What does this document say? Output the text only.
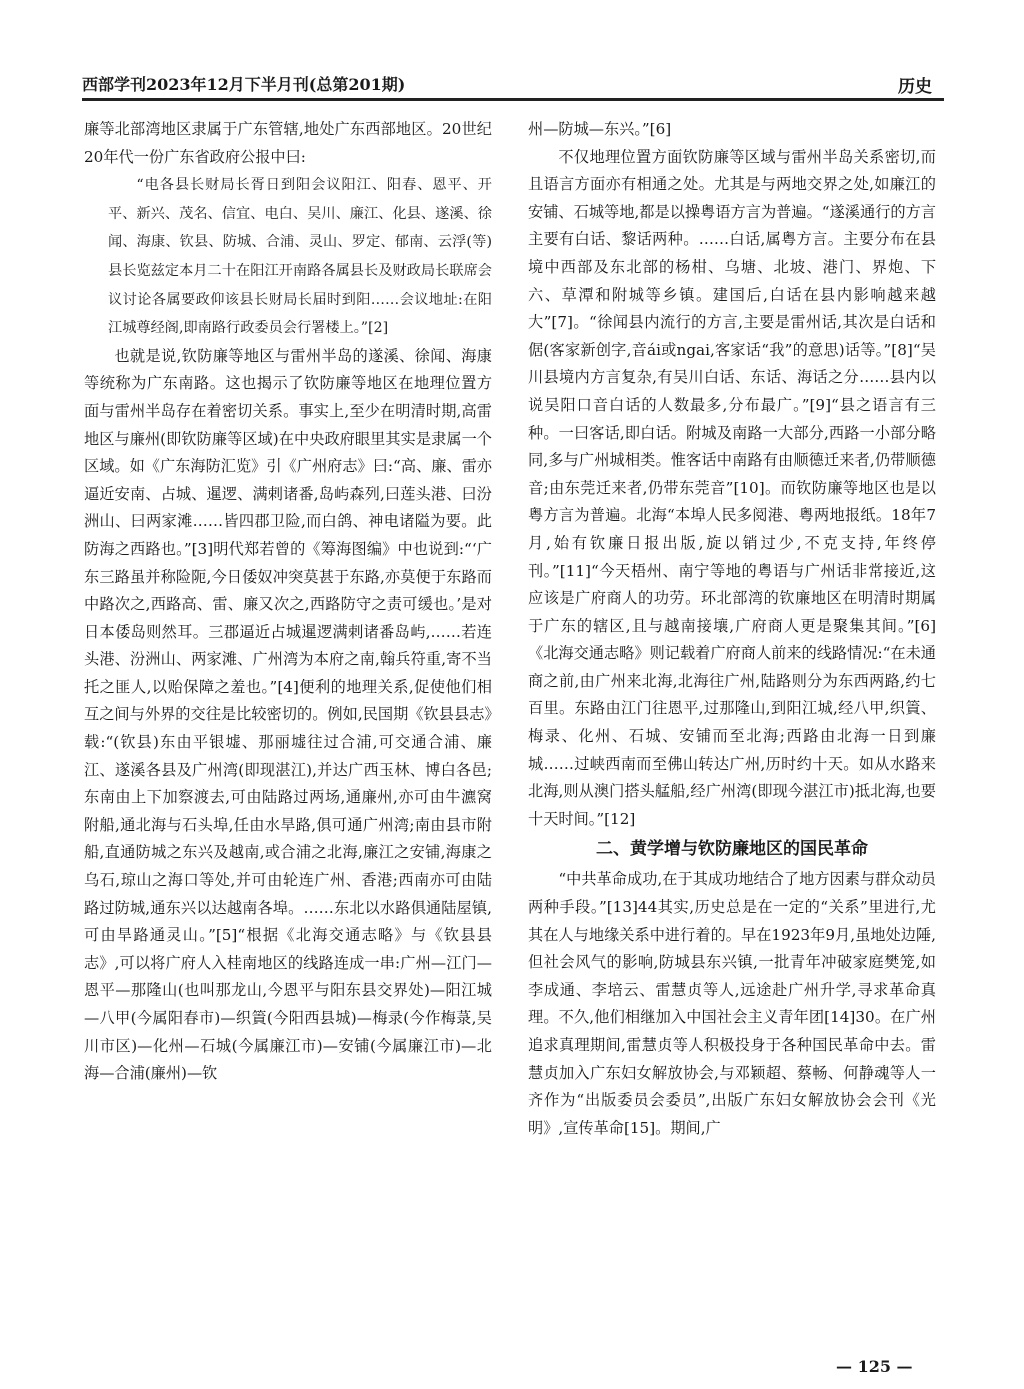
西部学刊2023年12月下半月刊(总第201期)	历史

廉等北部湾地区隶属于广东管辖,地处广东西部地区。20世纪20年代一份广东省政府公报中曰:

“电各县长财局长胥日到阳会议阳江、阳春、恩平、开平、新兴、茂名、信宜、电白、吴川、廉江、化县、遂溪、徐闻、海康、钦县、防城、合浦、灵山、罗定、郁南、云浮(等)县长览兹定本月二十在阳江开南路各属县长及财政局长联席会议讨论各属要政仰该县长财局长届时到阳……会议地址:在阳江城尊经阁,即南路行政委员会行署楼上。”[2]

也就是说,钦防廉等地区与雷州半岛的遂溪、徐闻、海康等统称为广东南路。这也揭示了钦防廉等地区在地理位置方面与雷州半岛存在着密切关系。事实上,至少在明清时期,高雷地区与廉州(即钦防廉等区域)在中央政府眼里其实是隶属一个区域。如《广东海防汇览》引《广州府志》曰:“高、廉、雷亦逼近安南、占城、暹逻、满剌诸番,岛屿森列,曰莲头港、曰汾洲山、曰两家滩……皆四郡卫险,而白鸽、神电诸隘为要。此防海之西路也。”[3]明代郑若曾的《筹海图编》中也说到:“‘广东三路虽并称险阨,今日倭奴冲突莫甚于东路,亦莫便于东路而中路次之,西路高、雷、廉又次之,西路防守之责可缓也。’是对日本倭岛则然耳。三郡逼近占城暹逻满剌诸番岛屿,……若连头港、汾洲山、两家滩、广州湾为本府之南,翰兵符重,寄不当托之匪人,以贻保障之羞也。”[4]便利的地理关系,促使他们相互之间与外界的交往是比较密切的。例如,民国期《钦县县志》载:“(钦县)东由平银墟、那丽墟往过合浦,可交通合浦、廉江、遂溪各县及广州湾(即现湛江),并达广西玉林、博白各邑;东南由上下加察渡去,可由陆路过两场,通廉州,亦可由牛瀌窝附船,通北海与石头埠,任由水旱路,俱可通广州湾;南由县市附船,直通防城之东兴及越南,或合浦之北海,廉江之安铺,海康之乌石,琼山之海口等处,并可由轮连广州、香港;西南亦可由陆路过防城,通东兴以达越南各埠。……东北以水路俱通陆屋镇,可由旱路通灵山。”[5]“根据《北海交通志略》与《钦县县志》,可以将广府人入桂南地区的线路连成一串:广州—江门—恩平—那隆山(也叫那龙山,今恩平与阳东县交界处)—阳江城—八甲(今属阳春市)—织篢(今阳西县城)—梅录(今作梅菉,吴川市区)—化州—石城(今属廉江市)—安铺(今属廉江市)—北海—合浦(廉州)—钦

州—防城—东兴。”[6]

不仅地理位置方面钦防廉等区域与雷州半岛关系密切,而且语言方面亦有相通之处。尤其是与两地交界之处,如廉江的安铺、石城等地,都是以操粤语方言为普遍。“遂溪通行的方言主要有白话、黎话两种。……白话,属粤方言。主要分布在县境中西部及东北部的杨柑、乌塘、北坡、港门、界炮、下六、草潭和附城等乡镇。建国后,白话在县内影响越来越大”[7]。“徐闻县内流行的方言,主要是雷州话,其次是白话和倨(客家新创字,音ái或ngai,客家话“我”的意思)话等。”[8]“吴川县境内方言复杂,有吴川白话、东话、海话之分……县内以说吴阳口音白话的人数最多,分布最广。”[9]“县之语言有三种。一曰客话,即白话。附城及南路一大部分,西路一小部分略同,多与广州城相类。惟客话中南路有由顺德迁来者,仍带顺德音;由东莞迁来者,仍带东莞音”[10]。而钦防廉等地区也是以粤方言为普遍。北海“本埠人民多阅港、粤两地报纸。18年7月,始有钦廉日报出版,旋以销过少,不克支持,年终停刊。”[11]“今天梧州、南宁等地的粤语与广州话非常接近,这应该是广府商人的功劳。环北部湾的钦廉地区在明清时期属于广东的辖区,且与越南接壤,广府商人更是聚集其间。”[6]《北海交通志略》则记载着广府商人前来的线路情况:“在未通商之前,由广州来北海,北海往广州,陆路则分为东西两路,约七百里。东路由江门往恩平,过那隆山,到阳江城,经八甲,织篢、梅录、化州、石城、安铺而至北海;西路由北海一日到廉城……过峡西南而至佛山转达广州,历时约十天。如从水路来北海,则从澳门搭头艋船,经广州湾(即现今湛江市)抵北海,也要十天时间。”[12]

二、黄学增与钦防廉地区的国民革命

“中共革命成功,在于其成功地结合了地方因素与群众动员两种手段。”[13]44其实,历史总是在一定的“关系”里进行,尤其在人与地缘关系中进行着的。早在1923年9月,虽地处边陲,但社会风气的影响,防城县东兴镇,一批青年冲破家庭樊笼,如李成通、李培云、雷慧贞等人,远途赴广州升学,寻求革命真理。不久,他们相继加入中国社会主义青年团[14]30。在广州追求真理期间,雷慧贞等人积极投身于各种国民革命中去。雷慧贞加入广东妇女解放协会,与邓颖超、蔡畅、何静魂等人一齐作为“出版委员会委员”,出版广东妇女解放协会会刊《光明》,宣传革命[15]。期间,广

— 125 —
